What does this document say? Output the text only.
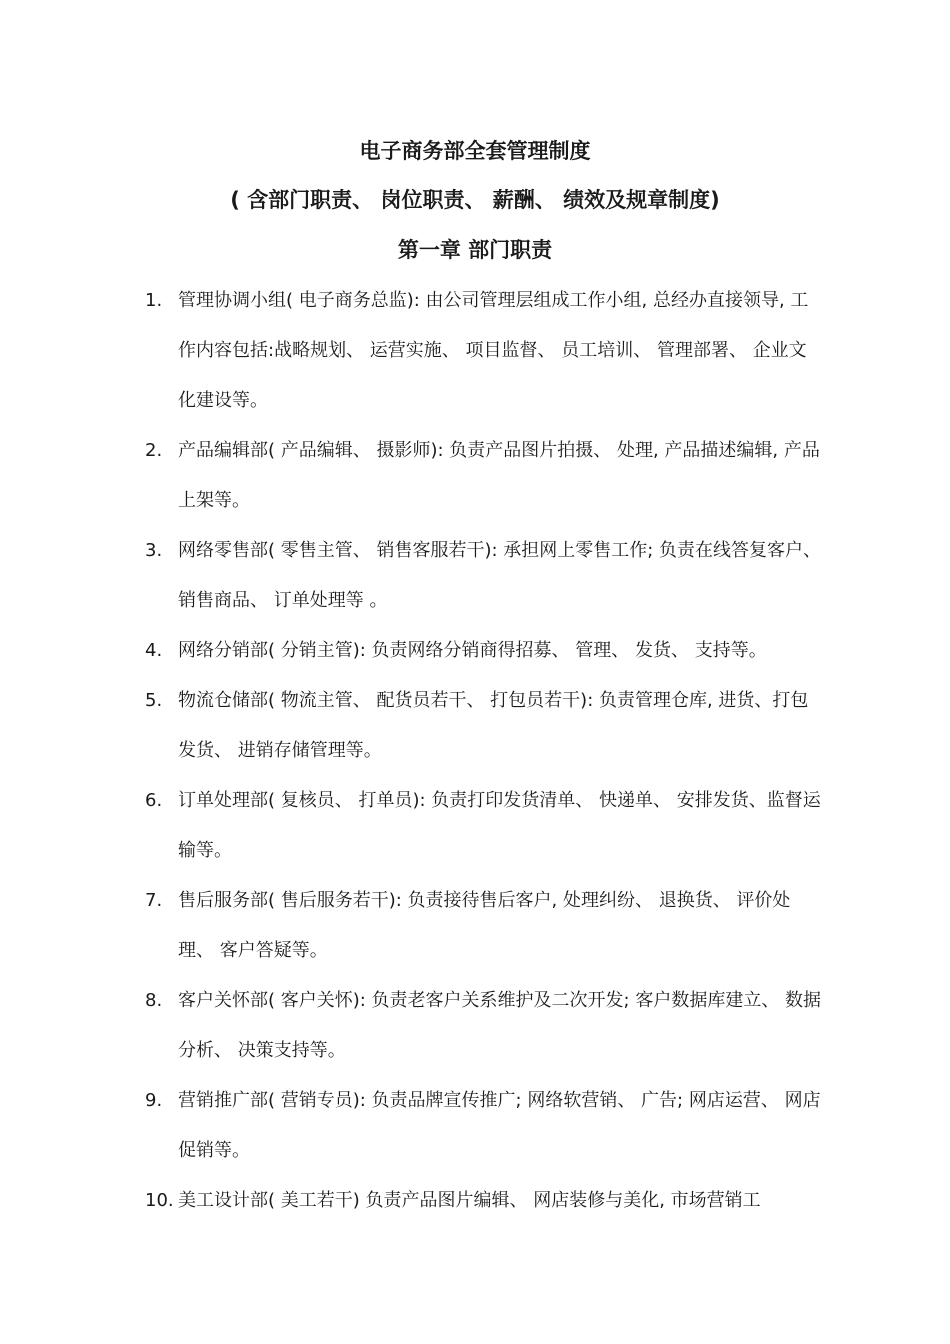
电子商务部全套管理制度
( 含部门职责、 岗位职责、 薪酬、 绩效及规章制度)
第一章 部门职责
1. 管理协调小组( 电子商务总监): 由公司管理层组成工作小组, 总经办直接领导, 工作内容包括:战略规划、 运营实施、 项目监督、 员工培训、 管理部署、 企业文化建设等。
2. 产品编辑部( 产品编辑、 摄影师): 负责产品图片拍摄、 处理, 产品描述编辑, 产品上架等。
3. 网络零售部( 零售主管、 销售客服若干): 承担网上零售工作; 负责在线答复客户、 销售商品、 订单处理等 。
4. 网络分销部( 分销主管): 负责网络分销商得招募、 管理、 发货、 支持等。
5. 物流仓储部( 物流主管、 配货员若干、 打包员若干): 负责管理仓库, 进货、打包发货、 进销存储管理等。
6. 订单处理部( 复核员、 打单员): 负责打印发货清单、 快递单、 安排发货、监督运输等。
7. 售后服务部( 售后服务若干): 负责接待售后客户, 处理纠纷、 退换货、 评价处理、 客户答疑等。
8. 客户关怀部( 客户关怀): 负责老客户关系维护及二次开发; 客户数据库建立、 数据分析、 决策支持等。
9. 营销推广部( 营销专员): 负责品牌宣传推广; 网络软营销、 广告; 网店运营、 网店促销等。
10. 美工设计部( 美工若干) 负责产品图片编辑、 网店装修与美化, 市场营销工
